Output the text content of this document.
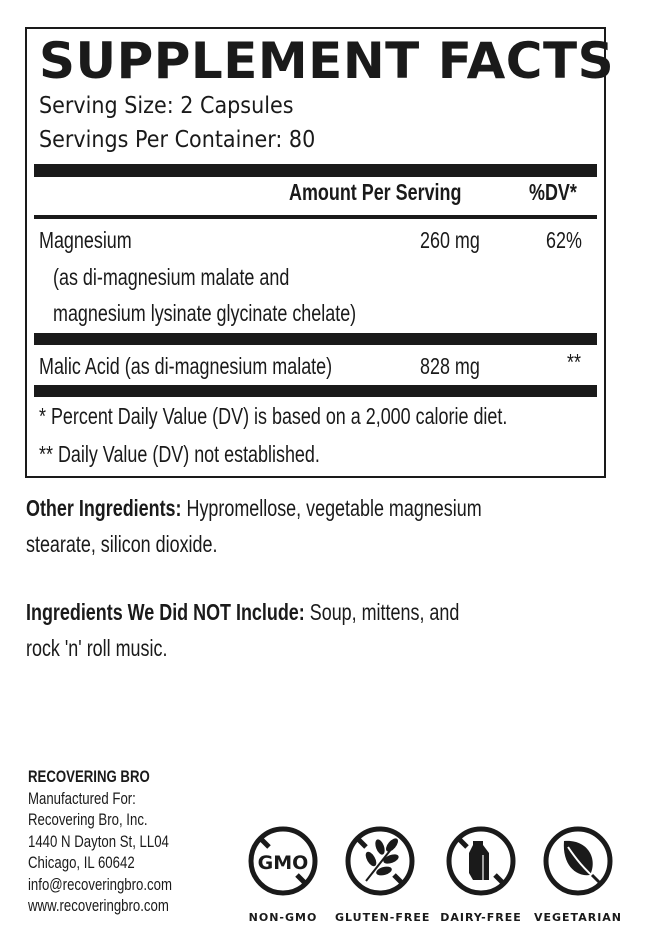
SUPPLEMENT FACTS
Serving Size: 2 Capsules
Servings Per Container: 80
Amount Per Serving	%DV*
Magnesium	260 mg	62%
(as di-magnesium malate and
magnesium lysinate glycinate chelate)
Malic Acid (as di-magnesium malate)	828 mg	**
* Percent Daily Value (DV) is based on a 2,000 calorie diet.
** Daily Value (DV) not established.
Other Ingredients: Hypromellose, vegetable magnesium
stearate, silicon dioxide.
Ingredients We Did NOT Include: Soup, mittens, and
rock 'n' roll music.
RECOVERING BRO
Manufactured For:
Recovering Bro, Inc.
1440 N Dayton St, LL04
Chicago, IL 60642
info@recoveringbro.com
www.recoveringbro.com
GMO
NON-GMO	GLUTEN-FREE DAIRY-FREE	VEGETARIAN
